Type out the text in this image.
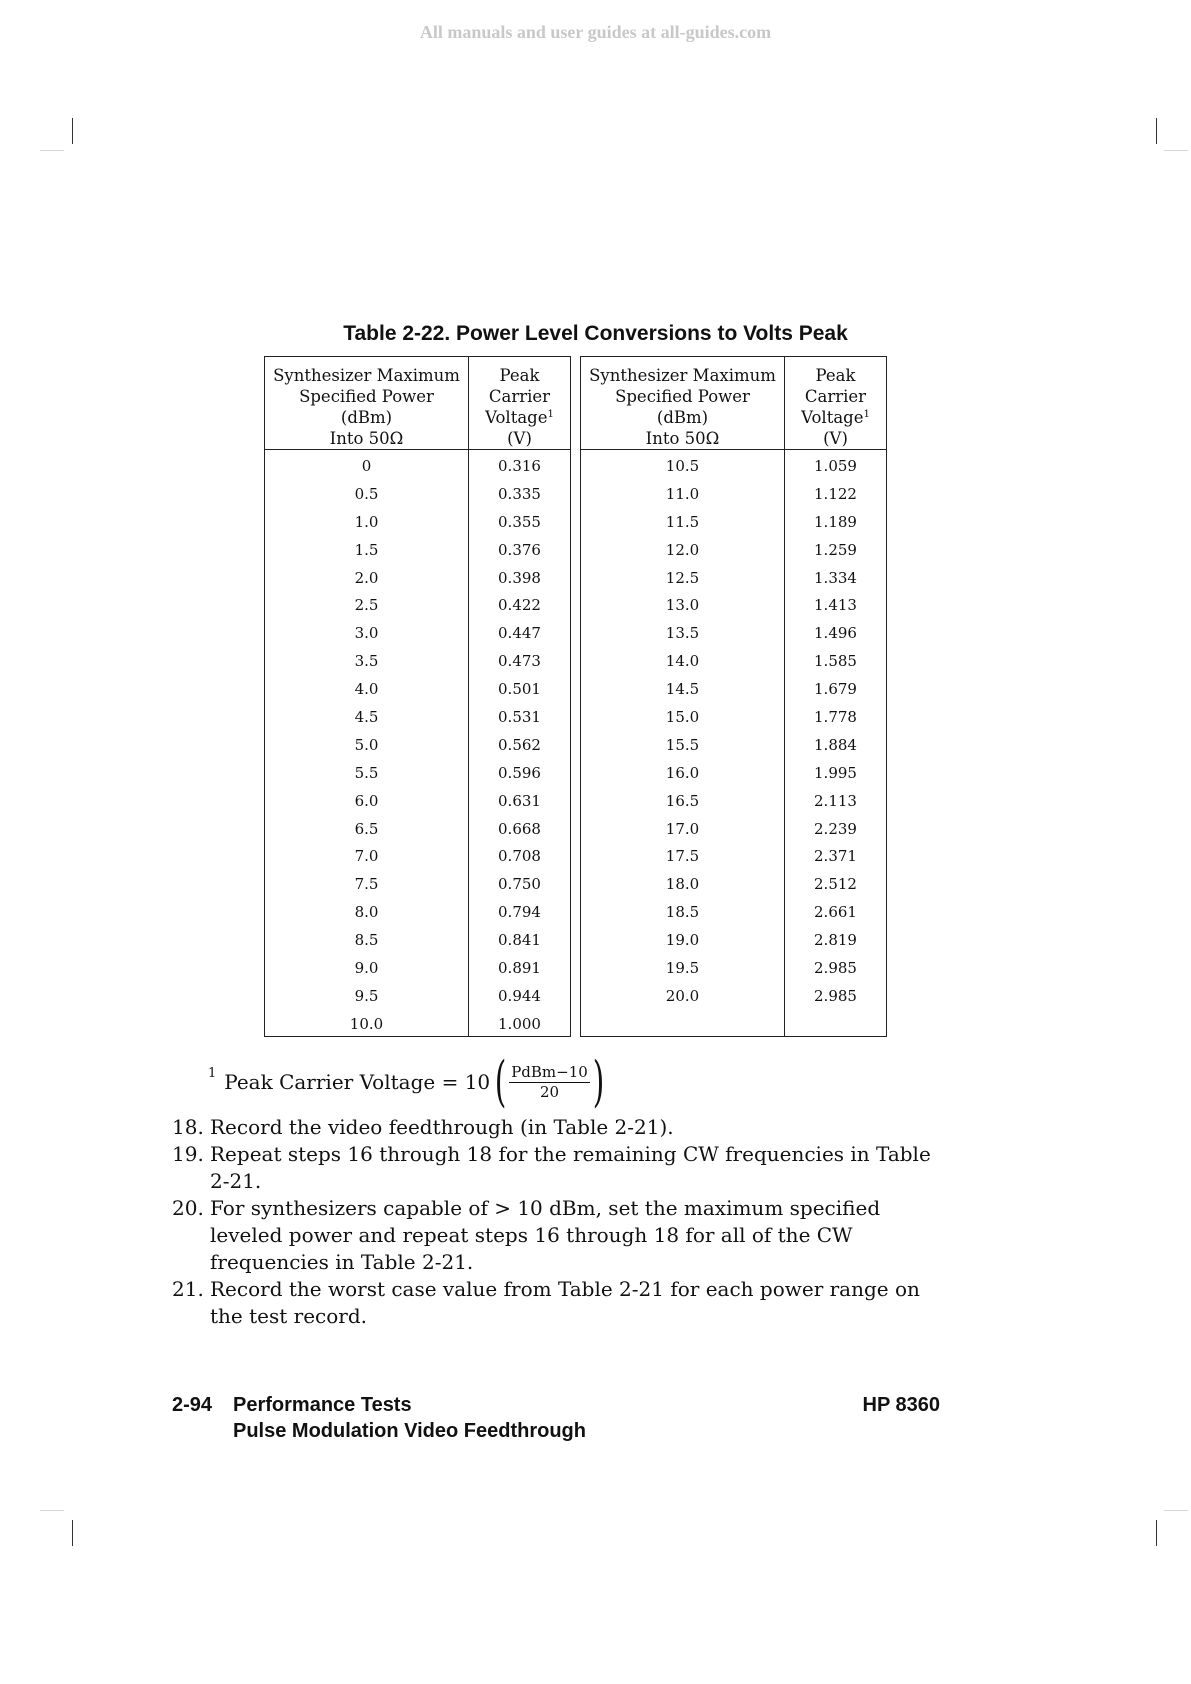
All manuals and user guides at all-guides.com
Table 2-22. Power Level Conversions to Volts Peak
Synthesizer Maximum
Specified Power
(dBm)
Into 50Ω
Peak
Carrier
Voltage$^1$
(V)
0	0.316
0.5	0.335
1.0	0.355
1.5	0.376
2.0	0.398
2.5	0.422
3.0	0.447
3.5	0.473
4.0	0.501
4.5	0.531
5.0	0.562
5.5	0.596
6.0	0.631
6.5	0.668
7.0	0.708
7.5	0.750
8.0	0.794
8.5	0.841
9.0	0.891
9.5	0.944
10.0	1.000
Synthesizer Maximum
Specified Power
(dBm)
Into 50Ω
Peak
Carrier
Voltage$^1$
(V)
10.5	1.059
11.0	1.122
11.5	1.189
12.0	1.259
12.5	1.334
13.0	1.413
13.5	1.496
14.0	1.585
14.5	1.679
15.0	1.778
15.5	1.884
16.0	1.995
16.5	2.113
17.0	2.239
17.5	2.371
18.0	2.512
18.5	2.661
19.0	2.819
19.5	2.985
20.0	2.985
1 Peak Carrier Voltage = 10 ( $\frac{\text{PdBm−10}}{20}$ )
18. Record the video feedthrough (in Table 2-21).
19. Repeat steps 16 through 18 for the remaining CW frequencies in Table 2-21.
20. For synthesizers capable of > 10 dBm, set the maximum specified leveled power and repeat steps 16 through 18 for all of the CW frequencies in Table 2-21.
21. Record the worst case value from Table 2-21 for each power range on the test record.
2-94 Performance Tests
Pulse Modulation Video Feedthrough
HP 8360
